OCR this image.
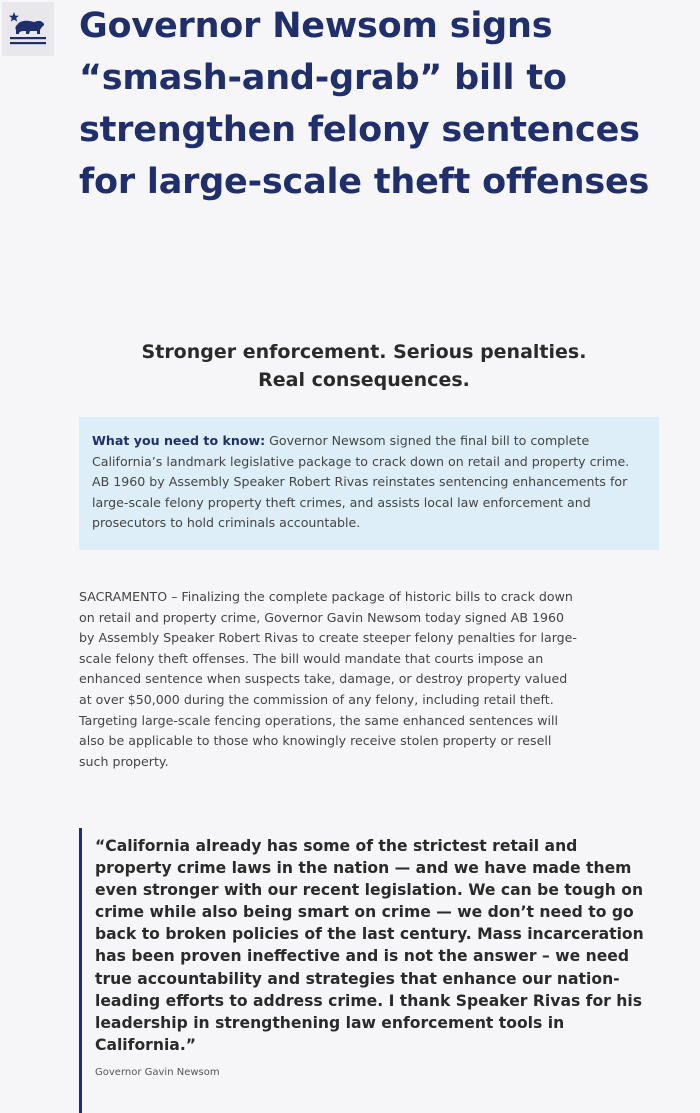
Governor Newsom signs “smash-and-grab” bill to strengthen felony sentences for large-scale theft offenses
Stronger enforcement. Serious penalties.
Real consequences.
What you need to know: Governor Newsom signed the final bill to complete California’s landmark legislative package to crack down on retail and property crime. AB 1960 by Assembly Speaker Robert Rivas reinstates sentencing enhancements for large-scale felony property theft crimes, and assists local law enforcement and prosecutors to hold criminals accountable.

SACRAMENTO – Finalizing the complete package of historic bills to crack down on retail and property crime, Governor Gavin Newsom today signed AB 1960 by Assembly Speaker Robert Rivas to create steeper felony penalties for large-scale felony theft offenses. The bill would mandate that courts impose an enhanced sentence when suspects take, damage, or destroy property valued at over $50,000 during the commission of any felony, including retail theft. Targeting large-scale fencing operations, the same enhanced sentences will also be applicable to those who knowingly receive stolen property or resell such property.

“California already has some of the strictest retail and property crime laws in the nation — and we have made them even stronger with our recent legislation. We can be tough on crime while also being smart on crime — we don’t need to go back to broken policies of the last century. Mass incarceration has been proven ineffective and is not the answer – we need true accountability and strategies that enhance our nation-leading efforts to address crime. I thank Speaker Rivas for his leadership in strengthening law enforcement tools in California.”

Governor Gavin Newsom
